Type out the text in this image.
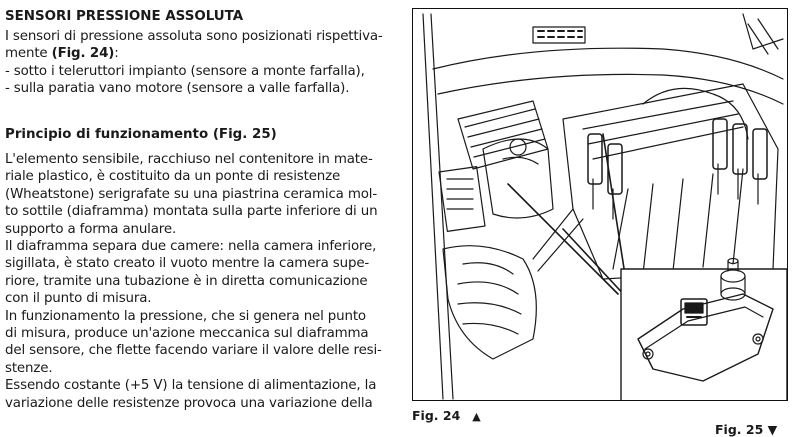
SENSORI PRESSIONE ASSOLUTA

I sensori di pressione assoluta sono posizionati rispettiva-
mente (Fig. 24):
- sotto i teleruttori impianto (sensore a monte farfalla),
- sulla paratia vano motore (sensore a valle farfalla).

Principio di funzionamento (Fig. 25)

L'elemento sensibile, racchiuso nel contenitore in mate-
riale plastico, è costituito da un ponte di resistenze
(Wheatstone) serigrafate su una piastrina ceramica mol-
to sottile (diaframma) montata sulla parte inferiore di un
supporto a forma anulare.
Il diaframma separa due camere: nella camera inferiore,
sigillata, è stato creato il vuoto mentre la camera supe-
riore, tramite una tubazione è in diretta comunicazione
con il punto di misura.
In funzionamento la pressione, che si genera nel punto
di misura, produce un'azione meccanica sul diaframma
del sensore, che flette facendo variare il valore delle resi-
stenze.
Essendo costante (+5 V) la tensione di alimentazione, la
variazione delle resistenze provoca una variazione della
Fig. 24 ▲
Fig. 25 ▼
